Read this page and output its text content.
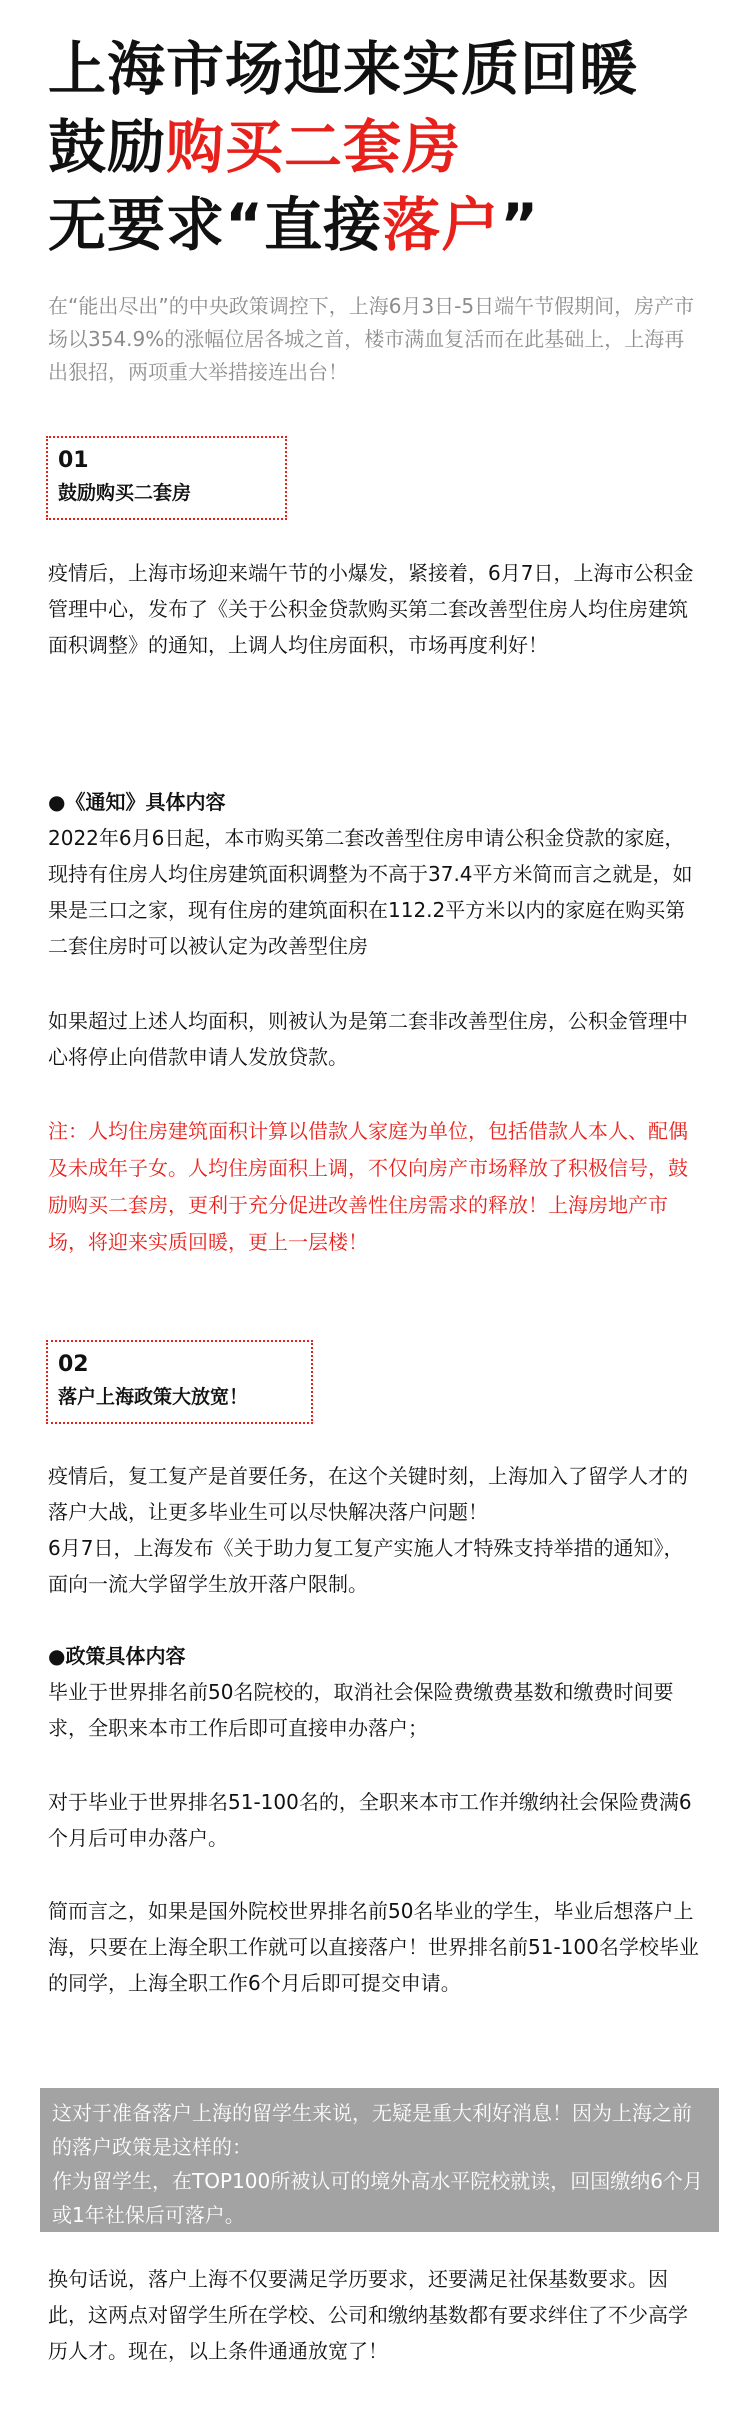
上海市场迎来实质回暖
鼓励购买二套房
无要求“直接落户”
在“能出尽出”的中央政策调控下，上海6月3日-5日端午节假期间，房产市场以354.9%的涨幅位居各城之首，楼市满血复活而在此基础上，上海再出狠招，两项重大举措接连出台！
01
鼓励购买二套房
疫情后，上海市场迎来端午节的小爆发，紧接着，6月7日，上海市公积金管理中心，发布了《关于公积金贷款购买第二套改善型住房人均住房建筑面积调整》的通知，上调人均住房面积，市场再度利好！
●《通知》具体内容
2022年6月6日起，本市购买第二套改善型住房申请公积金贷款的家庭，现持有住房人均住房建筑面积调整为不高于37.4平方米简而言之就是，如果是三口之家，现有住房的建筑面积在112.2平方米以内的家庭在购买第二套住房时可以被认定为改善型住房
如果超过上述人均面积，则被认为是第二套非改善型住房，公积金管理中心将停止向借款申请人发放贷款。
注：人均住房建筑面积计算以借款人家庭为单位，包括借款人本人、配偶及未成年子女。人均住房面积上调，不仅向房产市场释放了积极信号，鼓励购买二套房，更利于充分促进改善性住房需求的释放！上海房地产市场，将迎来实质回暖，更上一层楼！
02
落户上海政策大放宽！

疫情后，复工复产是首要任务，在这个关键时刻，上海加入了留学人才的落户大战，让更多毕业生可以尽快解决落户问题！

6月7日，上海发布《关于助力复工复产实施人才特殊支持举措的通知》，面向一流大学留学生放开落户限制。

●政策具体内容
毕业于世界排名前50名院校的，取消社会保险费缴费基数和缴费时间要求，全职来本市工作后即可直接申办落户；
对于毕业于世界排名51-100名的，全职来本市工作并缴纳社会保险费满6个月后可申办落户。
简而言之，如果是国外院校世界排名前50名毕业的学生，毕业后想落户上海，只要在上海全职工作就可以直接落户！世界排名前51-100名学校毕业的同学，上海全职工作6个月后即可提交申请。

这对于准备落户上海的留学生来说，无疑是重大利好消息！因为上海之前的落户政策是这样的：

作为留学生，在TOP100所被认可的境外高水平院校就读，回国缴纳6个月或1年社保后可落户。

换句话说，落户上海不仅要满足学历要求，还要满足社保基数要求。因此，这两点对留学生所在学校、公司和缴纳基数都有要求绊住了不少高学历人才。现在，以上条件通通放宽了！
